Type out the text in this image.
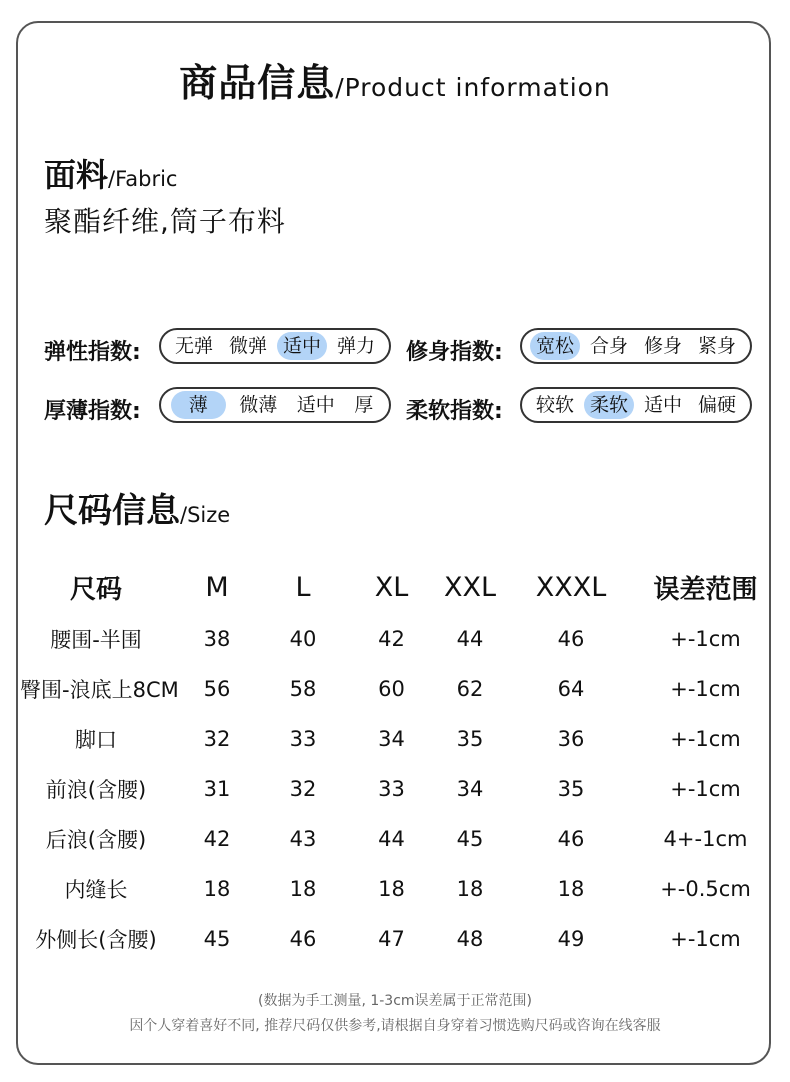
商品信息/Product information
面料/Fabric
聚酯纤维,筒子布料
弹性指数:	无弹 微弹 适中 弹力 修身指数:	宽松 合身 修身 紧身
厚薄指数:	薄	微薄	适中	厚 柔软指数:	较软 柔软 适中 偏硬
尺码信息/Size
尺码	M	L	XL	XXL	XXXL	误差范围
腰围-半围	38	40	42	44	46	+-1cm
臀围-浪底上8CM	56	58	60	62	64	+-1cm
脚口	32	33	34	35	36	+-1cm
前浪(含腰)	31	32	33	34	35	+-1cm
后浪(含腰)	42	43	44	45	46	4+-1cm
内缝长	18	18	18	18	18	+-0.5cm
外侧长(含腰)	45	46	47	48	49	+-1cm
(数据为手工测量, 1-3cm误差属于正常范围)
因个人穿着喜好不同, 推荐尺码仅供参考,请根据自身穿着习惯选购尺码或咨询在线客服
